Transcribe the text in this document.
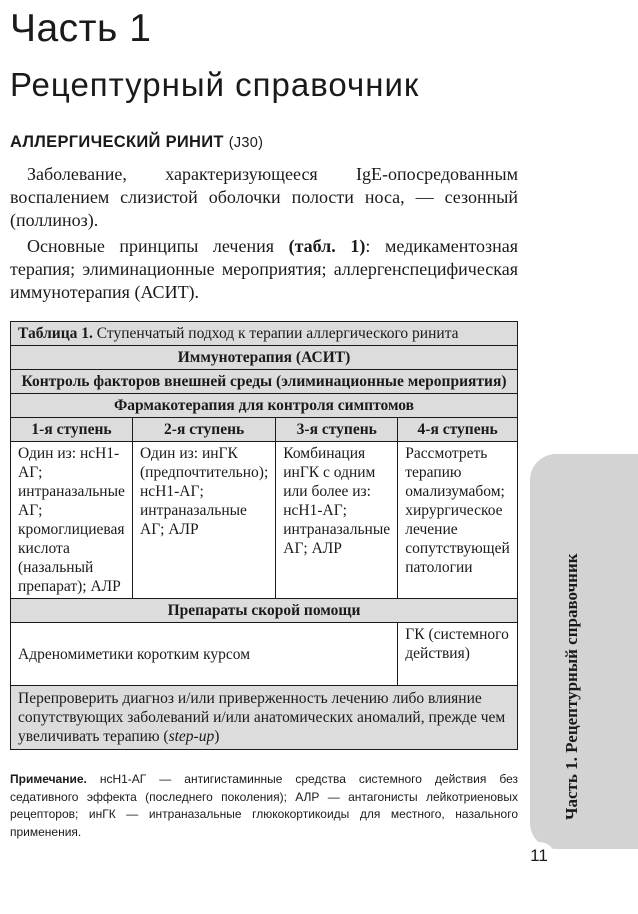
Часть 1
Рецептурный справочник
АЛЛЕРГИЧЕСКИЙ РИНИТ (J30)

Заболевание, характеризующееся IgE-опосредованным воспалением слизистой оболочки полости носа, — сезонный (поллиноз).

Основные принципы лечения (табл. 1): медикаментозная терапия; элиминационные мероприятия; аллергенспецифическая иммунотерапия (АСИТ).

Таблица 1. Ступенчатый подход к терапии аллергического ринита			
Иммунотерапия (АСИТ)			
Контроль факторов внешней среды (элиминационные мероприятия)			
Фармакотерапия для контроля симптомов			
1-я ступень	2-я ступень	3-я ступень	4-я ступень
Один из: нсН1-АГ; интраназальные АГ; кромоглициевая кислота (назальный препарат); АЛР	Один из: инГК (предпочтительно); нсН1-АГ; интраназальные АГ; АЛР	Комбинация инГК с одним или более из: нсН1-АГ; интраназальные АГ; АЛР	Рассмотреть терапию омализумабом; хирургическое лечение сопутствующей патологии
Препараты скорой помощи			
Адреномиметики коротким курсом			ГК (системного действия)
Перепроверить диагноз и/или приверженность лечению либо влияние сопутствующих заболеваний и/или анатомических аномалий, прежде чем увеличивать терапию (step-up)			

Примечание. нсН1-АГ — антигистаминные средства системного действия без седативного эффекта (последнего поколения); АЛР — антагонисты лейкотриеновых рецепторов; инГК — интраназальные глюкокортикоиды для местного, назального применения.

Часть 1. Рецептурный справочник
11
